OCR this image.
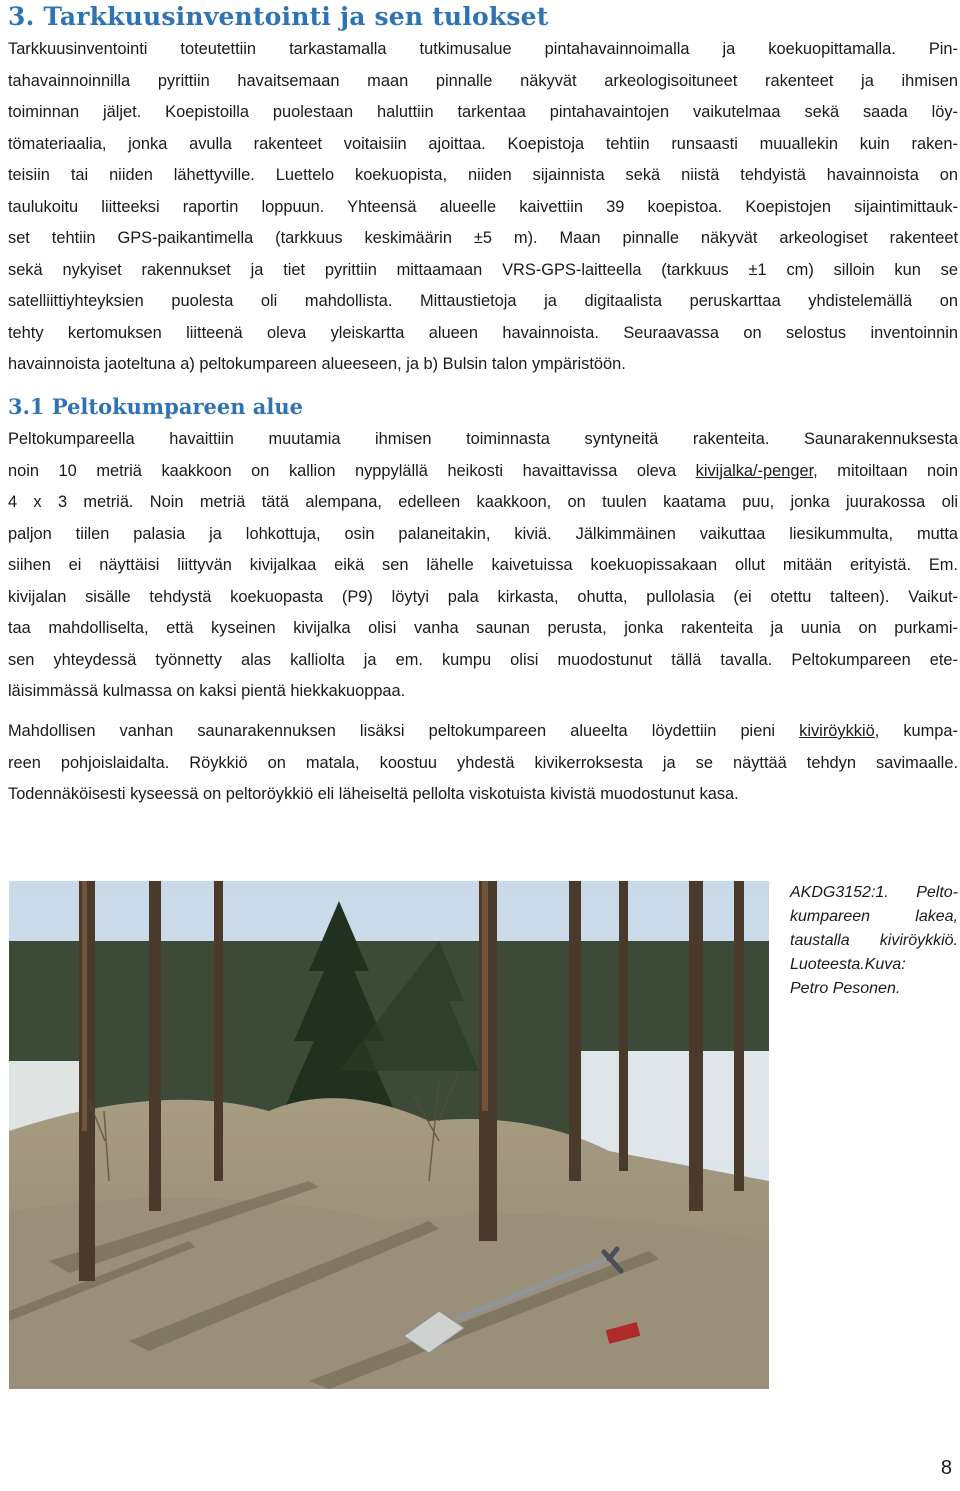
3. Tarkkuusinventointi ja sen tulokset
Tarkkuusinventointi toteutettiin tarkastamalla tutkimusalue pintahavainnoimalla ja koekuopittamalla. Pin-
tahavainnoinnilla pyrittiin havaitsemaan maan pinnalle näkyvät arkeologisoituneet rakenteet ja ihmisen
toiminnan jäljet. Koepistoilla puolestaan haluttiin tarkentaa pintahavaintojen vaikutelmaa sekä saada löy-
tömateriaalia, jonka avulla rakenteet voitaisiin ajoittaa. Koepistoja tehtiin runsaasti muuallekin kuin raken-
teisiin tai niiden lähettyville. Luettelo koekuopista, niiden sijainnista sekä niistä tehdyistä havainnoista on
taulukoitu liitteeksi raportin loppuun. Yhteensä alueelle kaivettiin 39 koepistoa. Koepistojen sijaintimittauk-
set tehtiin GPS-paikantimella (tarkkuus keskimäärin ±5 m). Maan pinnalle näkyvät arkeologiset rakenteet
sekä nykyiset rakennukset ja tiet pyrittiin mittaamaan VRS-GPS-laitteella (tarkkuus ±1 cm) silloin kun se
satelliittiyhteyksien puolesta oli mahdollista. Mittaustietoja ja digitaalista peruskarttaa yhdistelemällä on
tehty kertomuksen liitteenä oleva yleiskartta alueen havainnoista. Seuraavassa on selostus inventoinnin
havainnoista jaoteltuna a) peltokumpareen alueeseen, ja b) Bulsin talon ympäristöön.
3.1 Peltokumpareen alue
Peltokumpareella havaittiin muutamia ihmisen toiminnasta syntyneitä rakenteita. Saunarakennuksesta
noin 10 metriä kaakkoon on kallion nyppylällä heikosti havaittavissa oleva kivijalka/-penger, mitoiltaan noin
4 x 3 metriä. Noin metriä tätä alempana, edelleen kaakkoon, on tuulen kaatama puu, jonka juurakossa oli
paljon tiilen palasia ja lohkottuja, osin palaneitakin, kiviä. Jälkimmäinen vaikuttaa liesikummulta, mutta
siihen ei näyttäisi liittyvän kivijalkaa eikä sen lähelle kaivetuissa koekuopissakaan ollut mitään erityistä. Em.
kivijalan sisälle tehdystä koekuopasta (P9) löytyi pala kirkasta, ohutta, pullolasia (ei otettu talteen). Vaikut-
taa mahdolliselta, että kyseinen kivijalka olisi vanha saunan perusta, jonka rakenteita ja uunia on purkami-
sen yhteydessä työnnetty alas kalliolta ja em. kumpu olisi muodostunut tällä tavalla. Peltokumpareen ete-
läisimmässä kulmassa on kaksi pientä hiekkakuoppaa.
Mahdollisen vanhan saunarakennuksen lisäksi peltokumpareen alueelta löydettiin pieni kiviröykkiö, kumpa-
reen pohjoislaidalta. Röykkiö on matala, koostuu yhdestä kivikerroksesta ja se näyttää tehdyn savimaalle.
Todennäköisesti kyseessä on peltoröykkiö eli läheiseltä pellolta viskotuista kivistä muodostunut kasa.
AKDG3152:1. Pelto-
kumpareen lakea,
taustalla kiviröykkiö.
Luoteesta.Kuva:
Petro Pesonen.
8
